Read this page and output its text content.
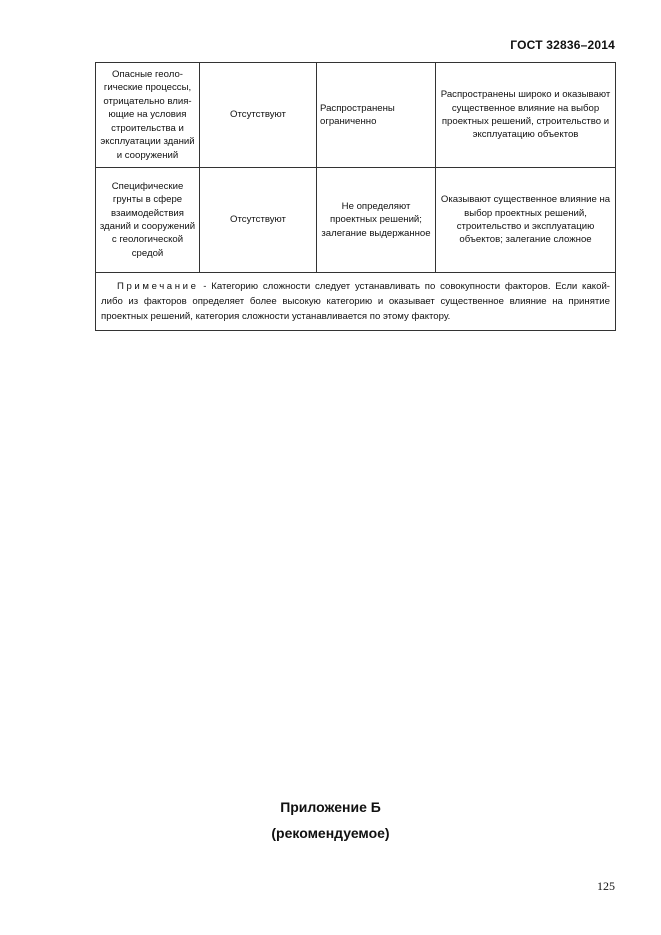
ГОСТ 32836–2014
Опасные геоло-гические процессы, отрицательно влия-ющие на условия строительства и эксплуатации зданий и сооружений	Отсутствуют	Распространены ограниченно	Распространены широко и оказывают существенное влияние на выбор проектных решений, строительство и эксплуатацию объектов
Специфические грунты в сфере взаимодействия зданий и сооружений с геологической средой	Отсутствуют	Не определяют проектных решений; залегание выдержанное	Оказывают существенное влияние на выбор проектных решений, строительство и эксплуатацию объектов; залегание сложное
Примечание - Категорию сложности следует устанавливать по совокупности факторов. Если какой-либо из факторов определяет более высокую категорию и оказывает существенное влияние на принятие проектных решений, категория сложности устанавливается по этому фактору.			
Приложение Б
(рекомендуемое)
125
